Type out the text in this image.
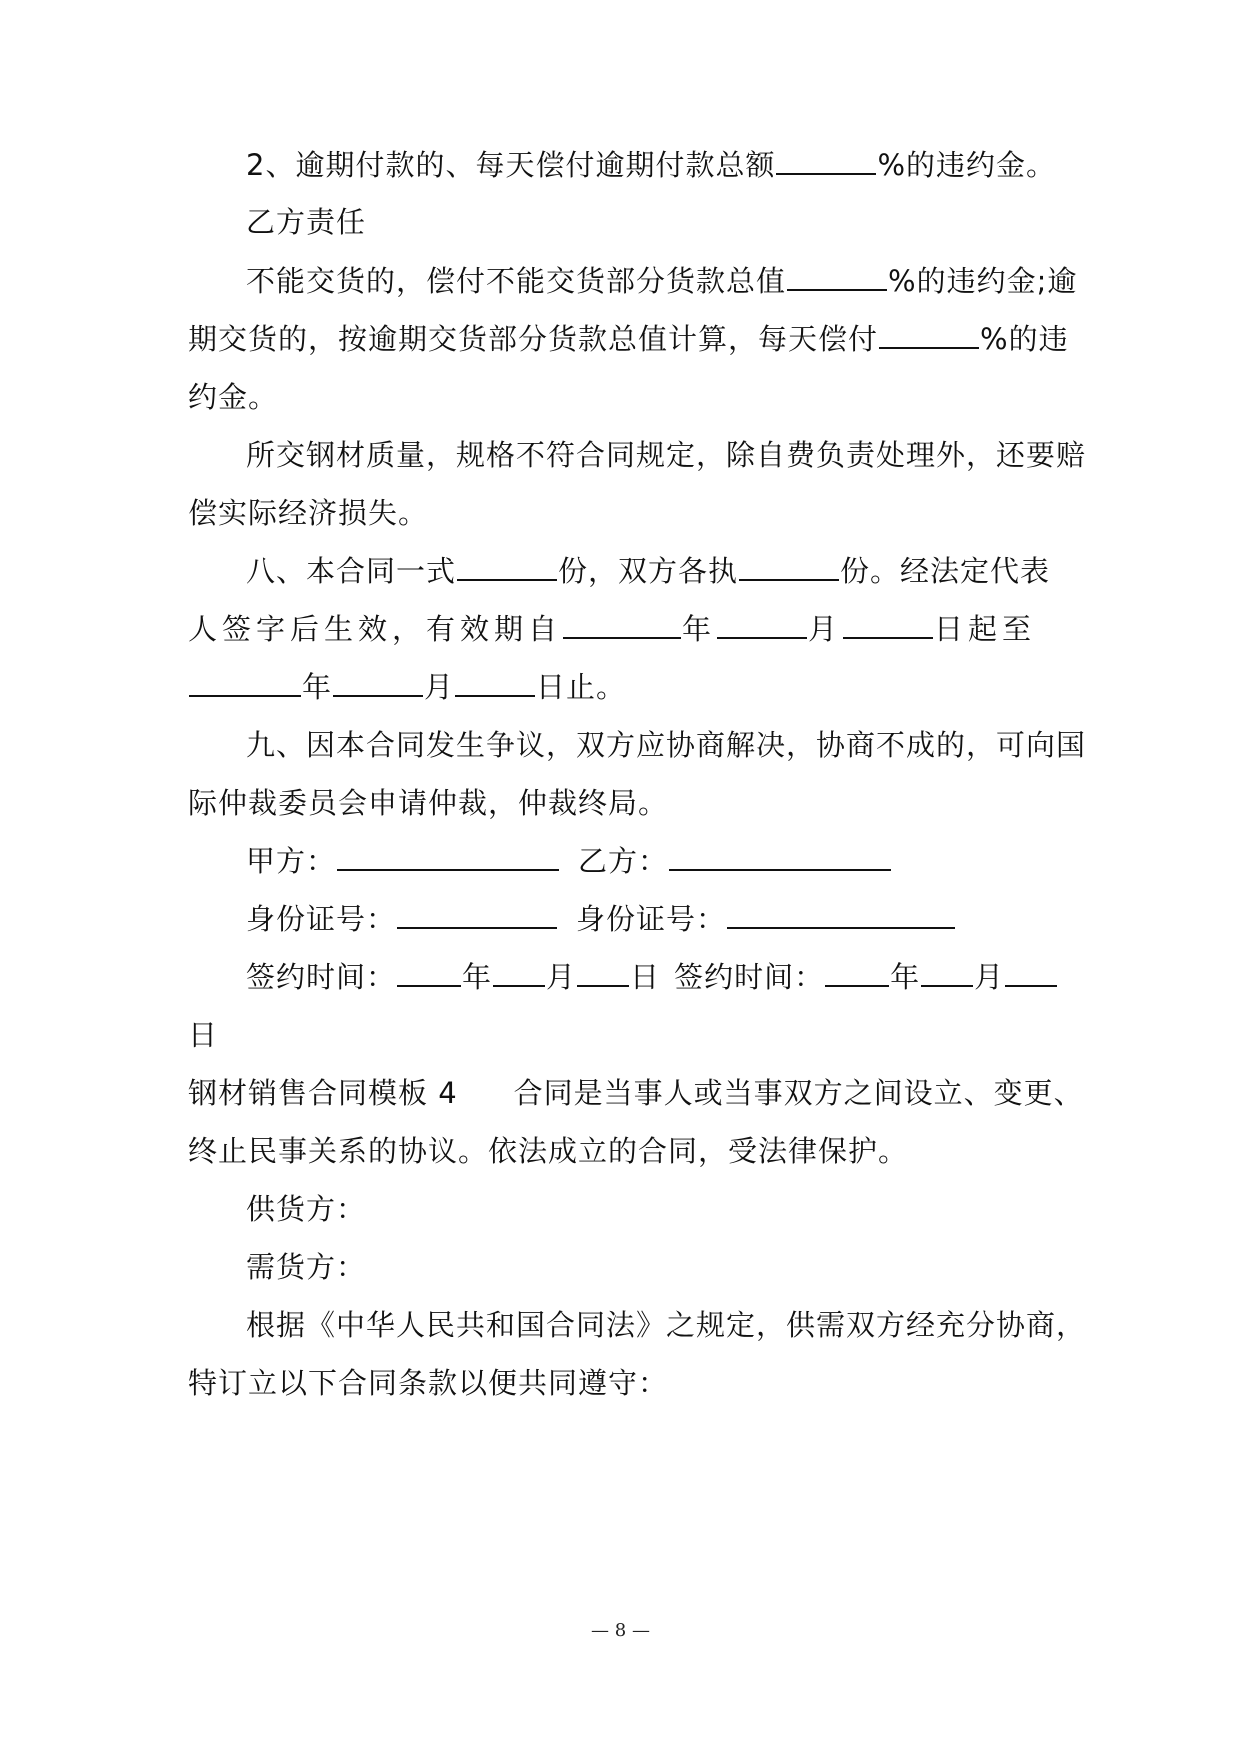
2、逾期付款的、每天偿付逾期付款总额	%的违约金。
乙方责任
不能交货的，偿付不能交货部分货款总值	%的违约金;逾
期交货的，按逾期交货部分货款总值计算，每天偿付	%的违
约金。
所交钢材质量，规格不符合同规定，除自费负责处理外，还要赔
偿实际经济损失。
八、本合同一式	份，双方各执	份。经法定代表
人签字后生效，有效期自	年	月	日起至
年	月	日止。
九、因本合同发生争议，双方应协商解决，协商不成的，可向国
际仲裁委员会申请仲裁，仲裁终局。
甲方：	乙方：
身份证号：	身份证号：
签约时间： 年 月 日 签约时间： 年 月
日
钢材销售合同模板 4 合同是当事人或当事双方之间设立、变更、
终止民事关系的协议。依法成立的合同，受法律保护。
供货方：
需货方：
根据《中华人民共和国合同法》之规定，供需双方经充分协商，
特订立以下合同条款以便共同遵守：
— 8 —
